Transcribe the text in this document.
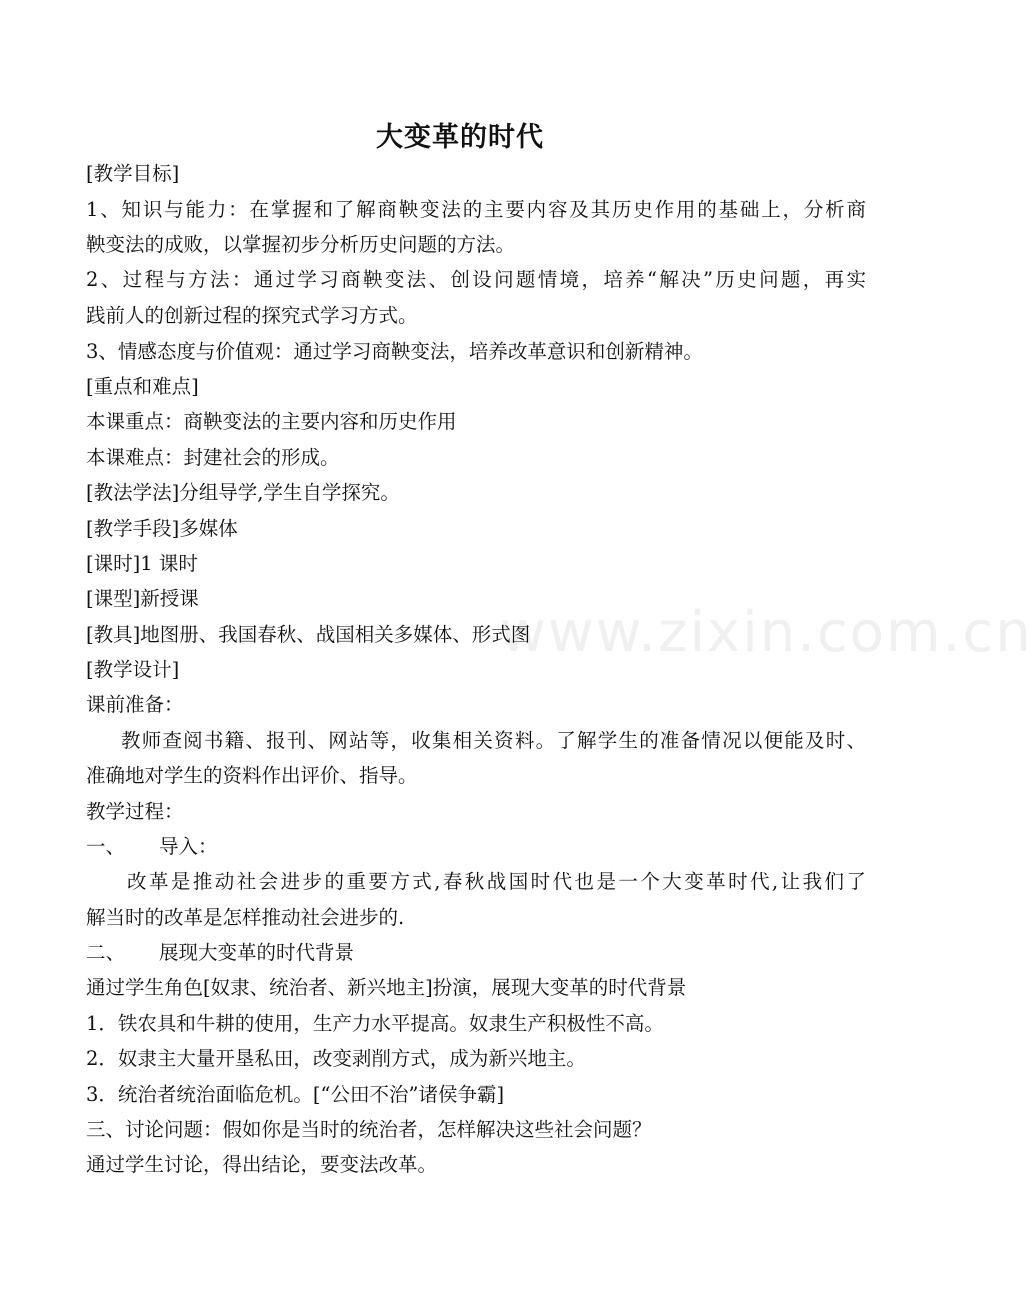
www.zixin.com.cn
大变革的时代
[教学目标]
1、知识与能力：在掌握和了解商鞅变法的主要内容及其历史作用的基础上，分析商
鞅变法的成败，以掌握初步分析历史问题的方法。
2、过程与方法：通过学习商鞅变法、创设问题情境，培养“解决”历史问题，再实
践前人的创新过程的探究式学习方式。
3、情感态度与价值观：通过学习商鞅变法，培养改革意识和创新精神。
[重点和难点]
本课重点：商鞅变法的主要内容和历史作用
本课难点：封建社会的形成。
[教法学法]分组导学,学生自学探究。
[教学手段]多媒体
[课时]1 课时
[课型]新授课
[教具]地图册、我国春秋、战国相关多媒体、形式图
[教学设计]
课前准备：
教师查阅书籍、报刊、网站等，收集相关资料。了解学生的准备情况以便能及时、
准确地对学生的资料作出评价、指导。
教学过程：
一、 导入：
改革是推动社会进步的重要方式,春秋战国时代也是一个大变革时代,让我们了
解当时的改革是怎样推动社会进步的.
二、 展现大变革的时代背景
通过学生角色[奴隶、统治者、新兴地主]扮演，展现大变革的时代背景
1．铁农具和牛耕的使用，生产力水平提高。奴隶生产积极性不高。
2．奴隶主大量开垦私田，改变剥削方式，成为新兴地主。
3．统治者统治面临危机。[“公田不治”诸侯争霸]
三、讨论问题：假如你是当时的统治者，怎样解决这些社会问题？
通过学生讨论，得出结论，要变法改革。
